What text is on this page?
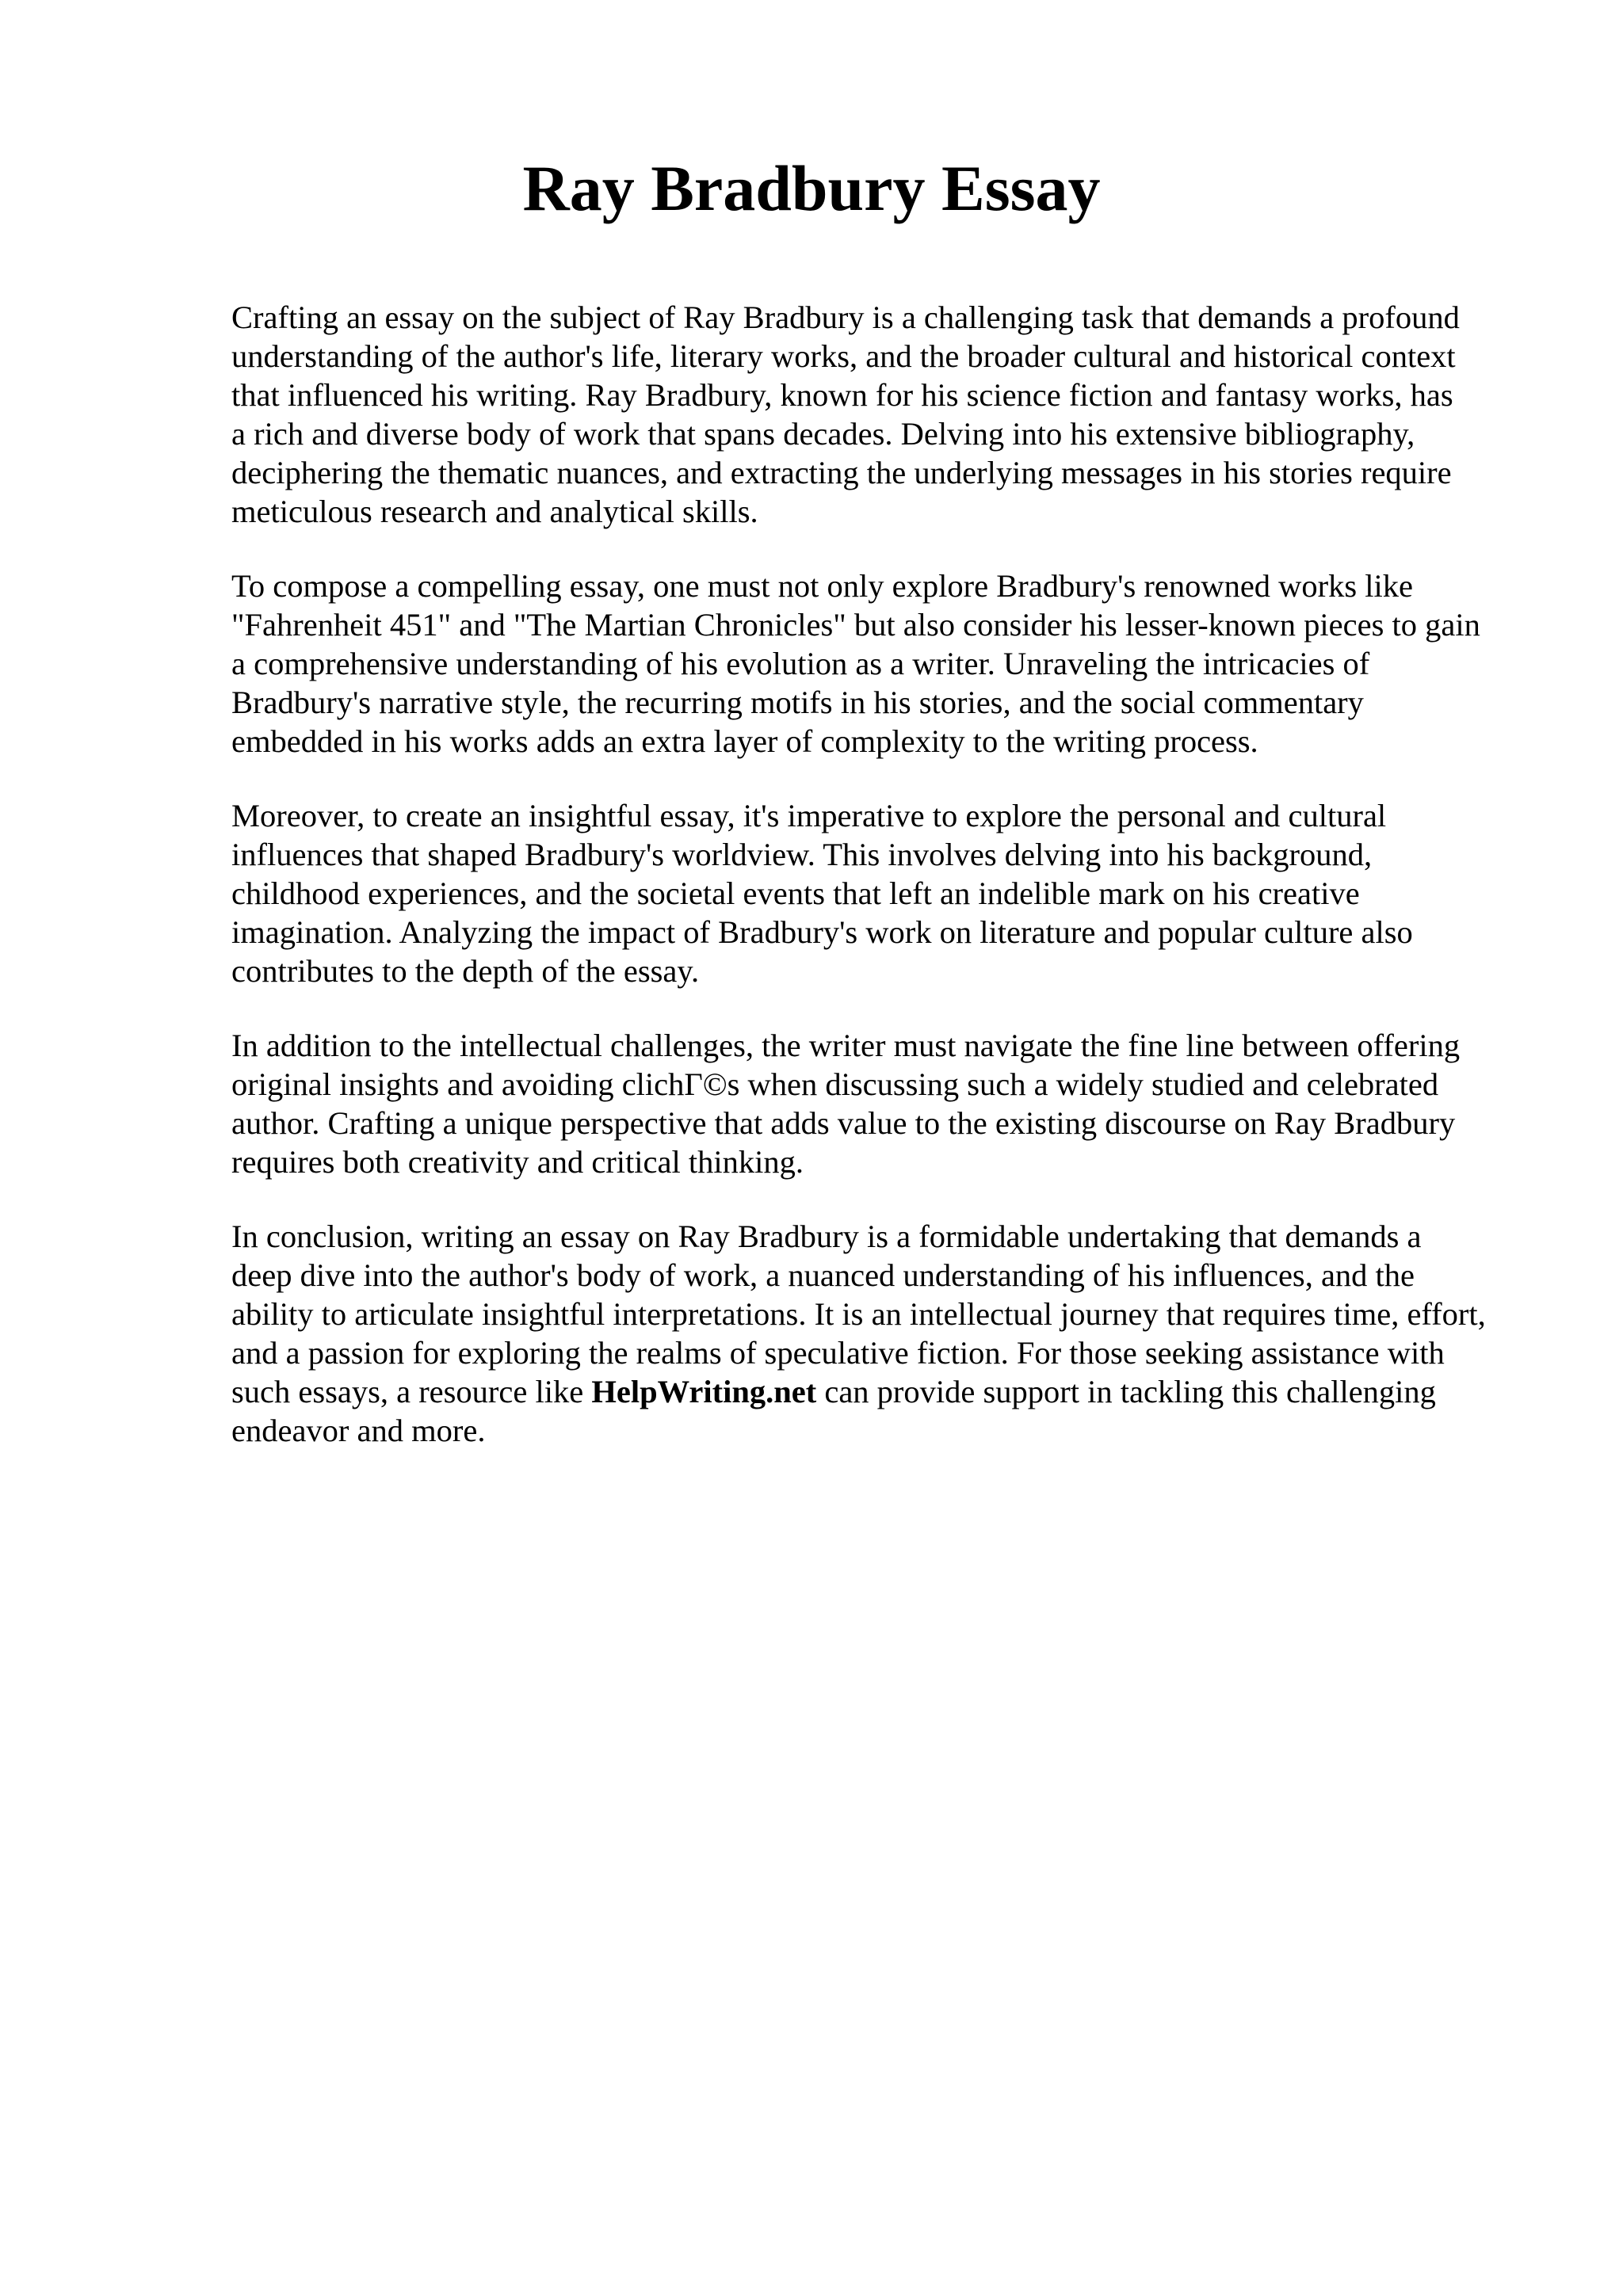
Ray Bradbury Essay

Crafting an essay on the subject of Ray Bradbury is a challenging task that demands a profound
understanding of the author's life, literary works, and the broader cultural and historical context
that influenced his writing. Ray Bradbury, known for his science fiction and fantasy works, has
a rich and diverse body of work that spans decades. Delving into his extensive bibliography,
deciphering the thematic nuances, and extracting the underlying messages in his stories require
meticulous research and analytical skills.

To compose a compelling essay, one must not only explore Bradbury's renowned works like
"Fahrenheit 451" and "The Martian Chronicles" but also consider his lesser-known pieces to gain
a comprehensive understanding of his evolution as a writer. Unraveling the intricacies of
Bradbury's narrative style, the recurring motifs in his stories, and the social commentary
embedded in his works adds an extra layer of complexity to the writing process.

Moreover, to create an insightful essay, it's imperative to explore the personal and cultural
influences that shaped Bradbury's worldview. This involves delving into his background,
childhood experiences, and the societal events that left an indelible mark on his creative
imagination. Analyzing the impact of Bradbury's work on literature and popular culture also
contributes to the depth of the essay.

In addition to the intellectual challenges, the writer must navigate the fine line between offering
original insights and avoiding clichΓ©s when discussing such a widely studied and celebrated
author. Crafting a unique perspective that adds value to the existing discourse on Ray Bradbury
requires both creativity and critical thinking.

In conclusion, writing an essay on Ray Bradbury is a formidable undertaking that demands a
deep dive into the author's body of work, a nuanced understanding of his influences, and the
ability to articulate insightful interpretations. It is an intellectual journey that requires time, effort,
and a passion for exploring the realms of speculative fiction. For those seeking assistance with
such essays, a resource like HelpWriting.net can provide support in tackling this challenging
endeavor and more.
